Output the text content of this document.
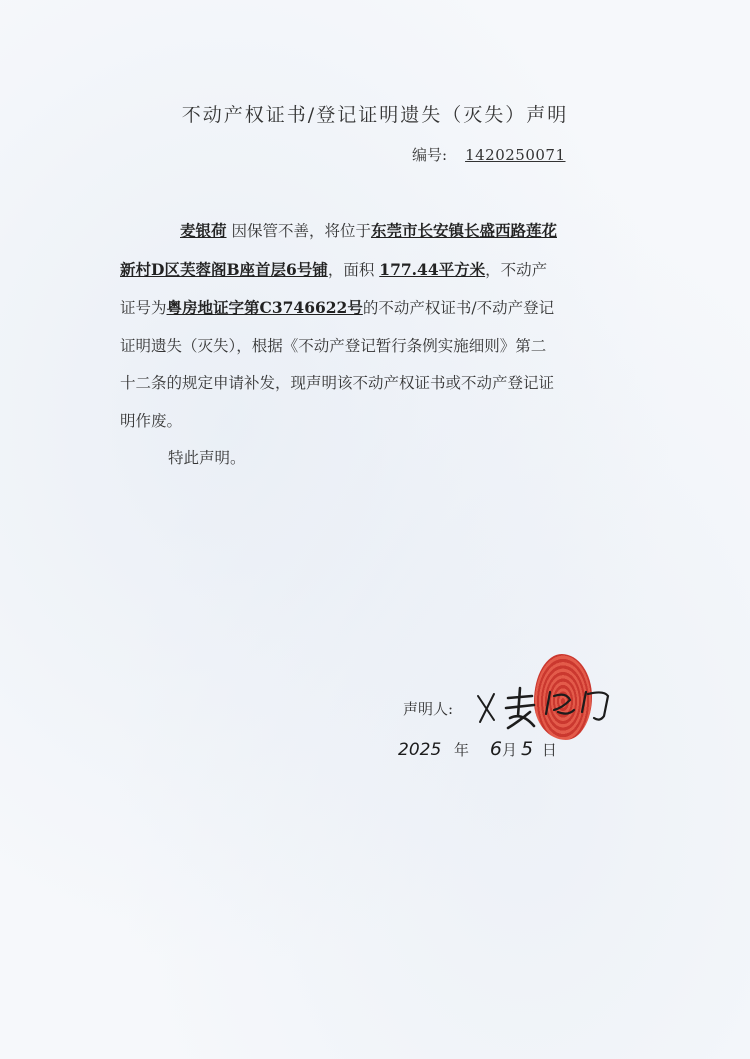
不动产权证书/登记证明遗失（灭失）声明
编号: 1420250071
麦银荷 因保管不善，将位于东莞市长安镇长盛西路莲花
新村D区芙蓉阁B座首层6号铺，面积 177.44平方米，不动产
证号为粤房地证字第C3746622号的不动产权证书/不动产登记
证明遗失（灭失），根据《不动产登记暂行条例实施细则》第二
十二条的规定申请补发，现声明该不动产权证书或不动产登记证
明作废。
特此声明。
声明人:
2025 年 6月 5 日
